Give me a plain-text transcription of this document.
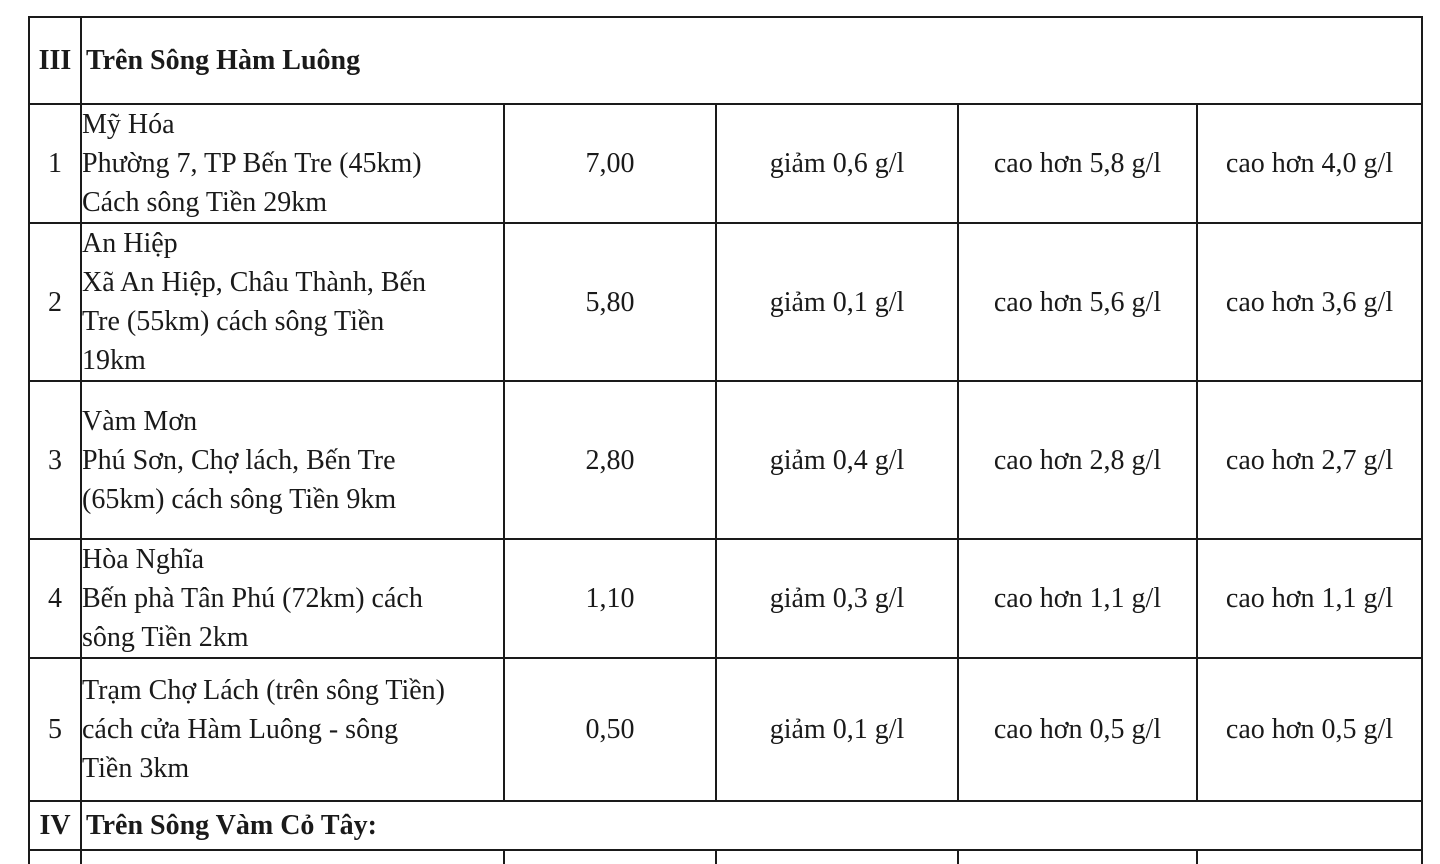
III	Trên Sông Hàm Luông				
1	Mỹ Hóa
Phường 7, TP Bến Tre (45km)
Cách sông Tiền 29km	7,00	giảm 0,6 g/l	cao hơn 5,8 g/l	cao hơn 4,0 g/l
2	An Hiệp
Xã An Hiệp, Châu Thành, Bến
Tre (55km) cách sông Tiền
19km	5,80	giảm 0,1 g/l	cao hơn 5,6 g/l	cao hơn 3,6 g/l
3	Vàm Mơn
Phú Sơn, Chợ lách, Bến Tre
(65km) cách sông Tiền 9km	2,80	giảm 0,4 g/l	cao hơn 2,8 g/l	cao hơn 2,7 g/l
4	Hòa Nghĩa
Bến phà Tân Phú (72km) cách
sông Tiền 2km	1,10	giảm 0,3 g/l	cao hơn 1,1 g/l	cao hơn 1,1 g/l
5	Trạm Chợ Lách (trên sông Tiền)
cách cửa Hàm Luông - sông
Tiền 3km	0,50	giảm 0,1 g/l	cao hơn 0,5 g/l	cao hơn 0,5 g/l
IV	Trên Sông Vàm Cỏ Tây:				
